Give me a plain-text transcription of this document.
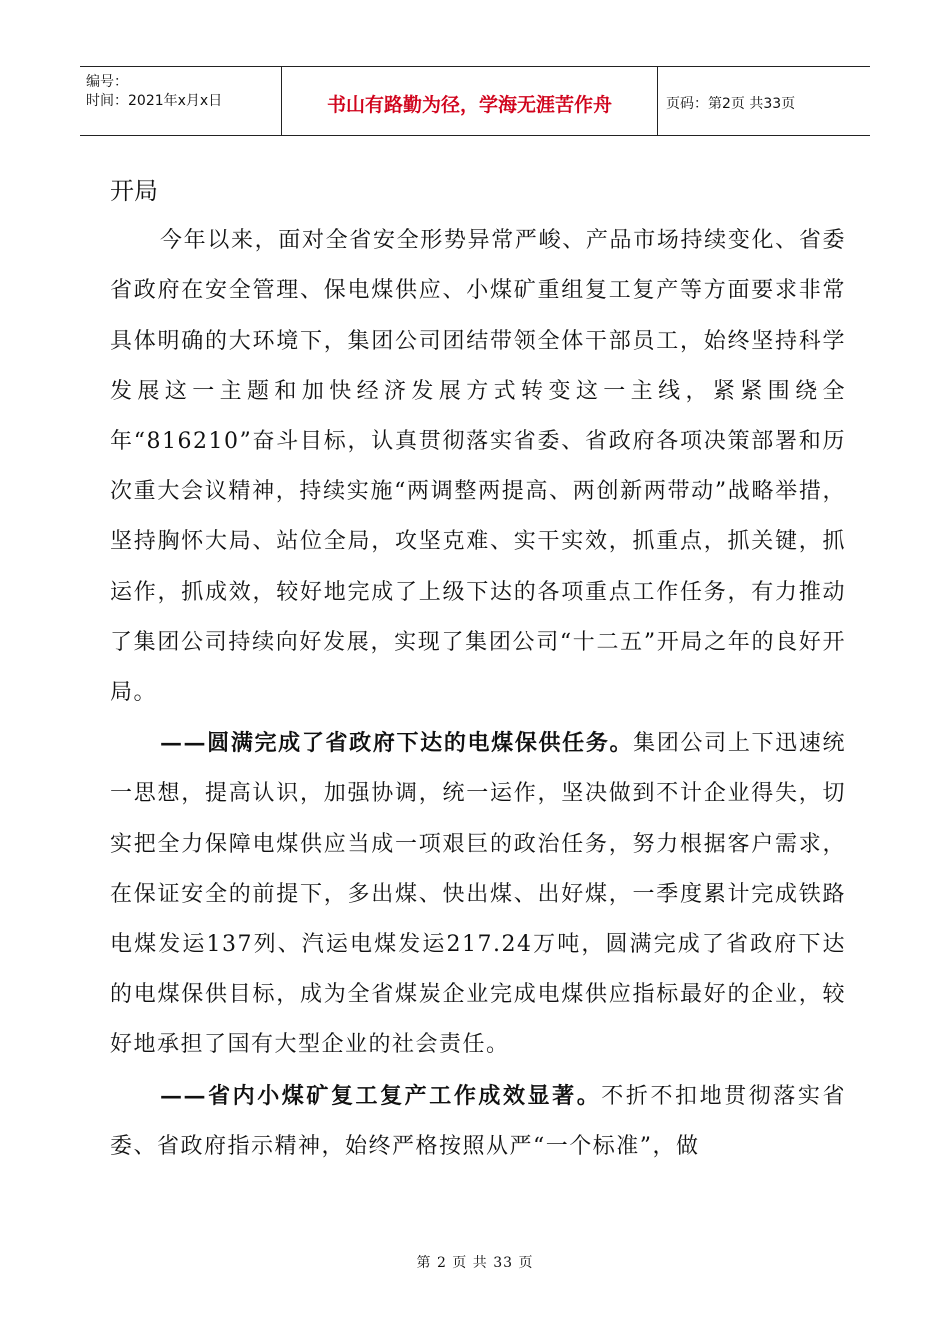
编号：
时间：2021年x月x日	书山有路勤为径，学海无涯苦作舟	页码：第2页 共33页

开局

今年以来，面对全省安全形势异常严峻、产品市场持续变化、省委省政府在安全管理、保电煤供应、小煤矿重组复工复产等方面要求非常具体明确的大环境下，集团公司团结带领全体干部员工，始终坚持科学发展这一主题和加快经济发展方式转变这一主线，紧紧围绕全年“816210”奋斗目标，认真贯彻落实省委、省政府各项决策部署和历次重大会议精神，持续实施“两调整两提高、两创新两带动”战略举措，坚持胸怀大局、站位全局，攻坚克难、实干实效，抓重点，抓关键，抓运作，抓成效，较好地完成了上级下达的各项重点工作任务，有力推动了集团公司持续向好发展，实现了集团公司“十二五”开局之年的良好开局。

——圆满完成了省政府下达的电煤保供任务。集团公司上下迅速统一思想，提高认识，加强协调，统一运作，坚决做到不计企业得失，切实把全力保障电煤供应当成一项艰巨的政治任务，努力根据客户需求，在保证安全的前提下，多出煤、快出煤、出好煤，一季度累计完成铁路电煤发运137列、汽运电煤发运217.24万吨，圆满完成了省政府下达的电煤保供目标，成为全省煤炭企业完成电煤供应指标最好的企业，较好地承担了国有大型企业的社会责任。

——省内小煤矿复工复产工作成效显著。不折不扣地贯彻落实省委、省政府指示精神，始终严格按照从严“一个标准”，做

第 2 页 共 33 页
